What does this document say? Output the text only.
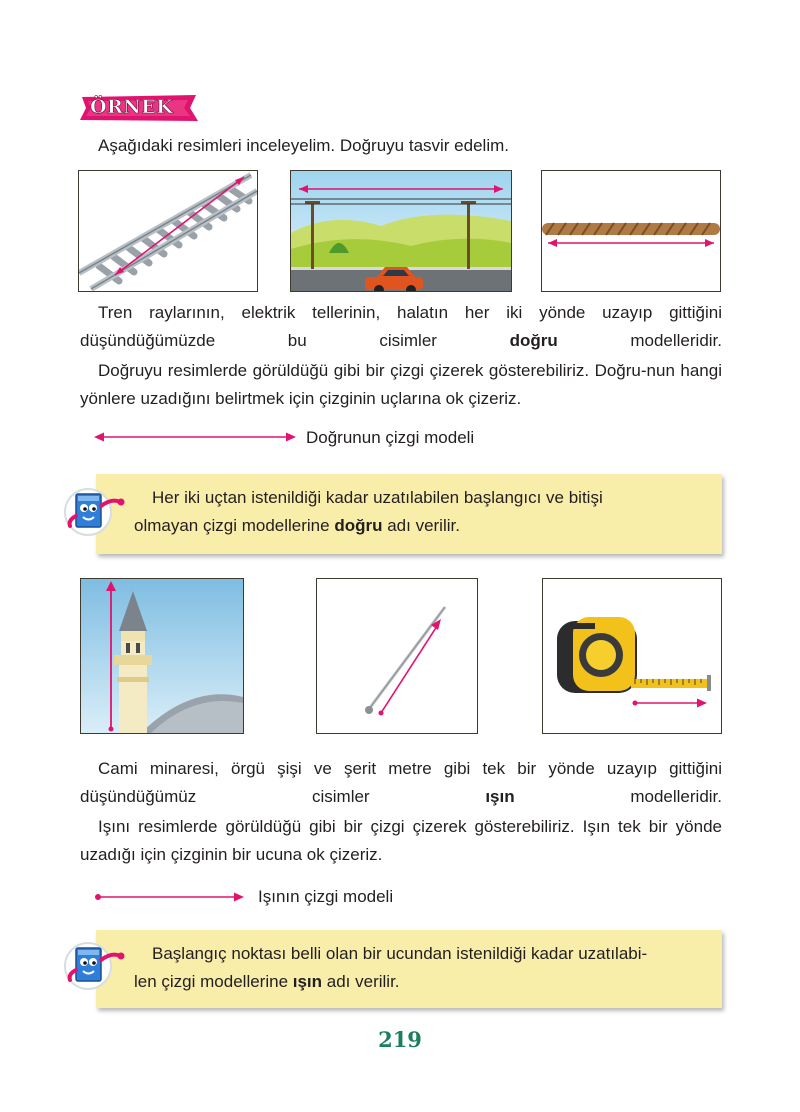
ÖRNEK

Aşağıdaki resimleri inceleyelim. Doğruyu tasvir edelim.

Tren raylarının, elektrik tellerinin, halatın her iki yönde uzayıp gittiğini düşündüğümüzde bu cisimler doğru modelleridir.

Doğruyu resimlerde görüldüğü gibi bir çizgi çizerek gösterebiliriz. Doğru-nun hangi yönlere uzadığını belirtmek için çizginin uçlarına ok çizeriz.

Doğrunun çizgi modeli
Her iki uçtan istenildiği kadar uzatılabilen başlangıcı ve bitişi
olmayan çizgi modellerine doğru adı verilir.

Cami minaresi, örgü şişi ve şerit metre gibi tek bir yönde uzayıp gittiğini düşündüğümüz cisimler ışın modelleridir.

Işını resimlerde görüldüğü gibi bir çizgi çizerek gösterebiliriz. Işın tek bir yönde uzadığı için çizginin bir ucuna ok çizeriz.

Işının çizgi modeli
Başlangıç noktası belli olan bir ucundan istenildiği kadar uzatılabi-
len çizgi modellerine ışın adı verilir.
219
